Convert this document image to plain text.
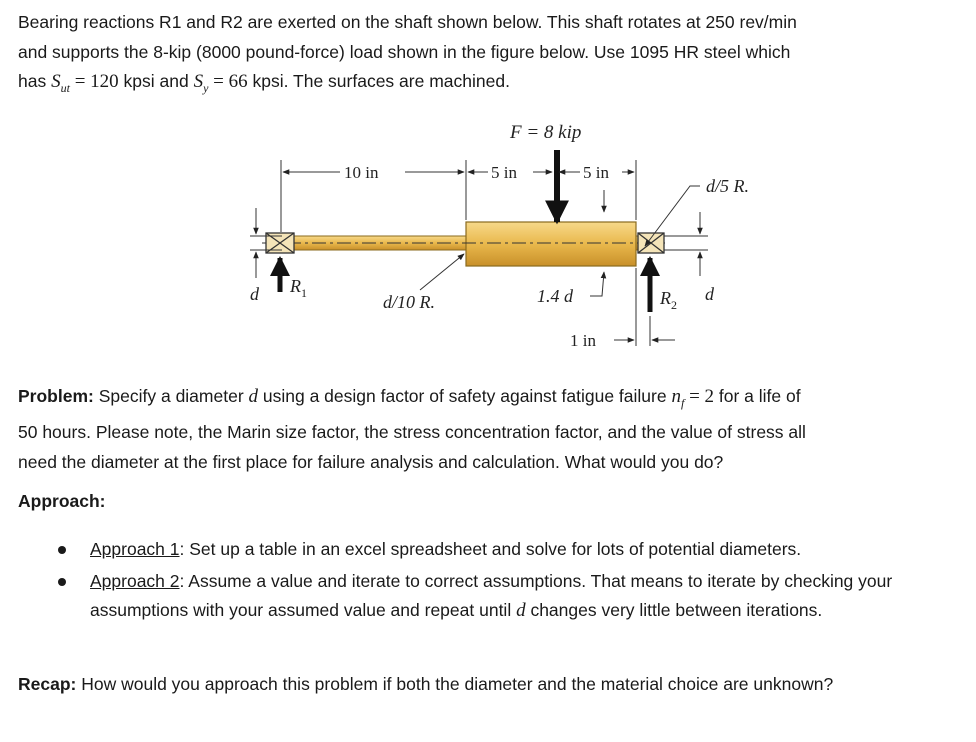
Bearing reactions R1 and R2 are exerted on the shaft shown below. This shaft rotates at 250 rev/min
and supports the 8-kip (8000 pound-force) load shown in the figure below. Use 1095 HR steel which
has $S_{ut} = 120$ kpsi and $S_y = 66$ kpsi. The surfaces are machined.
F = 8 kip
10 in	5 in	5 in
d/5 R.
d	d
$R_1$	$R_2$
d/10 R.	1.4 d
1 in
Problem: Specify a diameter d using a design factor of safety against fatigue failure $n_f = 2$ for a life of
50 hours. Please note, the Marin size factor, the stress concentration factor, and the value of stress all
need the diameter at the first place for failure analysis and calculation. What would you do?
Approach:
Approach 1: Set up a table in an excel spreadsheet and solve for lots of potential diameters.
Approach 2: Assume a value and iterate to correct assumptions. That means to iterate by checking your assumptions with your assumed value and repeat until d changes very little between iterations.
Recap: How would you approach this problem if both the diameter and the material choice are unknown?
